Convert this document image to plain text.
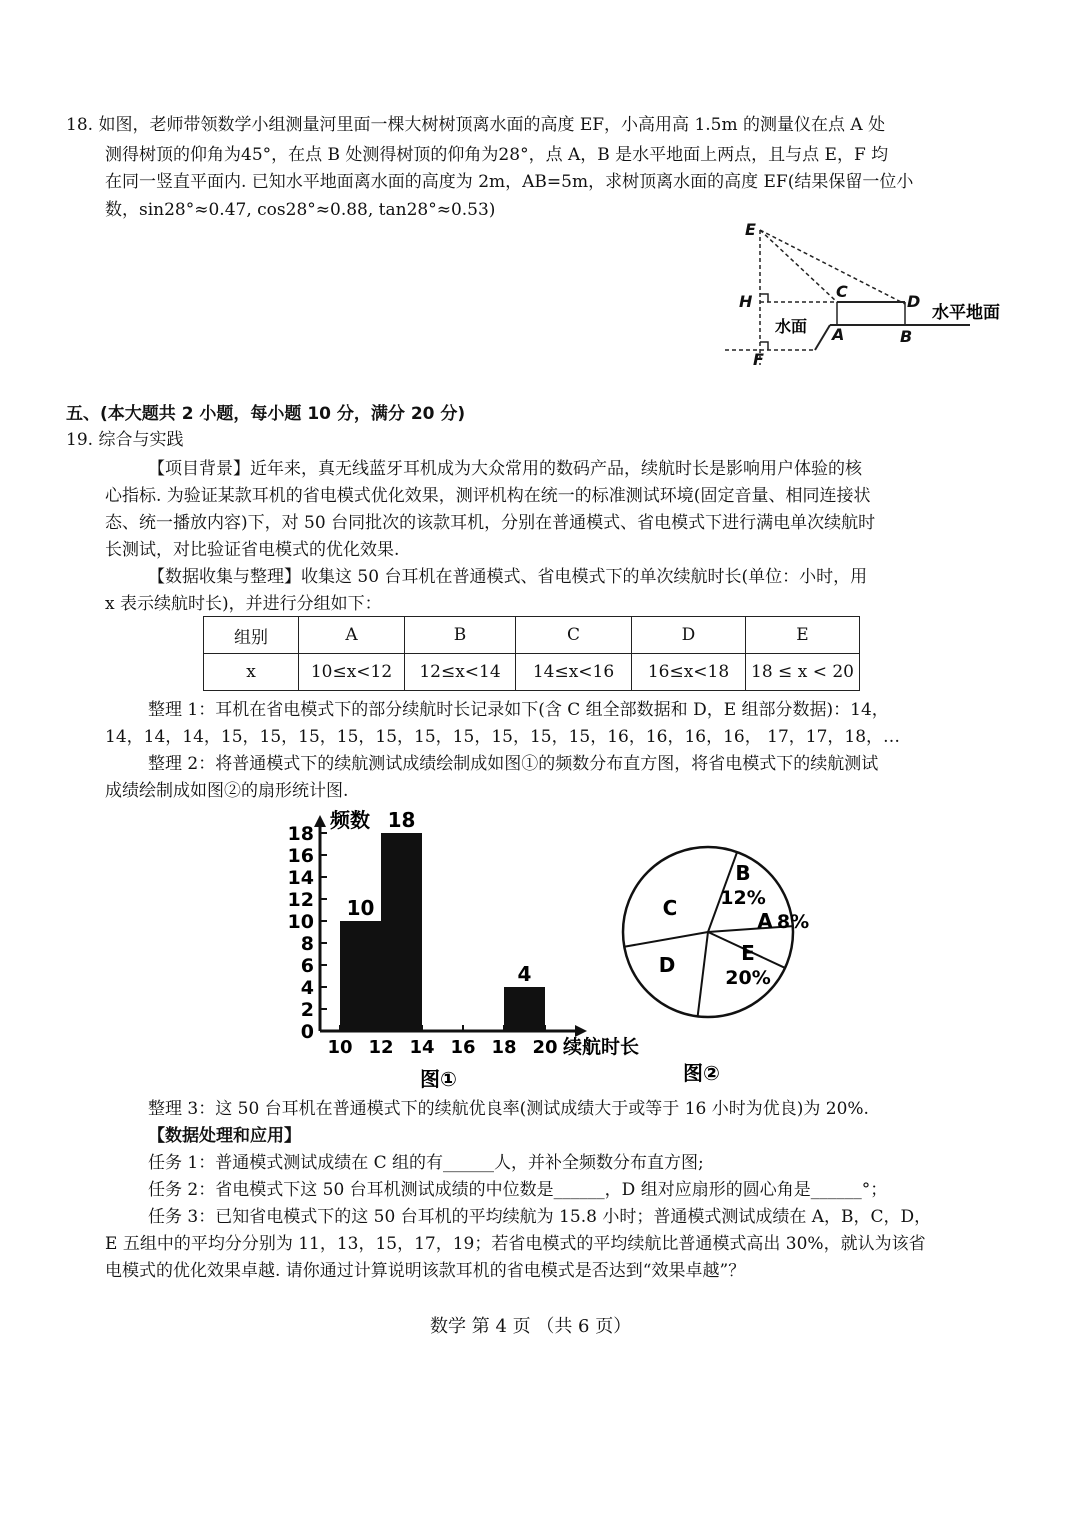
18. 如图，老师带领数学小组测量河里面一棵大树树顶离水面的高度 EF，小高用高 1.5m 的测量仪在点 A 处
测得树顶的仰角为45°，在点 B 处测得树顶的仰角为28°，点 A，B 是水平地面上两点，且与点 E，F 均
在同一竖直平面内. 已知水平地面离水面的高度为 2m，AB=5m，求树顶离水面的高度 EF(结果保留一位小
数，sin28°≈0.47, cos28°≈0.88, tan28°≈0.53)
E
H
C
D
A	B
F
水面
水平地面
五、(本大题共 2 小题，每小题 10 分，满分 20 分)
19. 综合与实践
【项目背景】近年来，真无线蓝牙耳机成为大众常用的数码产品，续航时长是影响用户体验的核
心指标. 为验证某款耳机的省电模式优化效果，测评机构在统一的标准测试环境(固定音量、相同连接状
态、统一播放内容)下，对 50 台同批次的该款耳机，分别在普通模式、省电模式下进行满电单次续航时
长测试，对比验证省电模式的优化效果.
【数据收集与整理】收集这 50 台耳机在普通模式、省电模式下的单次续航时长(单位：小时，用
x 表示续航时长)，并进行分组如下：
组别	A	B	C	D	E
x	10≤x<12	12≤x<14	14≤x<16	16≤x<18	18 ≤ x < 20
整理 1：耳机在省电模式下的部分续航时长记录如下(含 C 组全部数据和 D，E 组部分数据)：14，
14，14，14，15，15，15，15，15，15，15，15，15，15，16，16，16，16， 17，17，18，…
整理 2：将普通模式下的续航测试成绩绘制成如图①的频数分布直方图，将省电模式下的续航测试
成绩绘制成如图②的扇形统计图.
0
2
4
6
8
10
12
14
16
18
10 12 14 16 18 20
10
18
4
频数
续航时长
图①
A 8%
B
12%
C
D	E
20%
图②
整理 3：这 50 台耳机在普通模式下的续航优良率(测试成绩大于或等于 16 小时为优良)为 20%.
【数据处理和应用】
任务 1：普通模式测试成绩在 C 组的有______人，并补全频数分布直方图;
任务 2：省电模式下这 50 台耳机测试成绩的中位数是______，D 组对应扇形的圆心角是______°；
任务 3：已知省电模式下的这 50 台耳机的平均续航为 15.8 小时；普通模式测试成绩在 A，B，C，D，
E 五组中的平均分分别为 11，13，15，17，19；若省电模式的平均续航比普通模式高出 30%，就认为该省
电模式的优化效果卓越. 请你通过计算说明该款耳机的省电模式是否达到“效果卓越”？
数学 第 4 页 （共 6 页）
